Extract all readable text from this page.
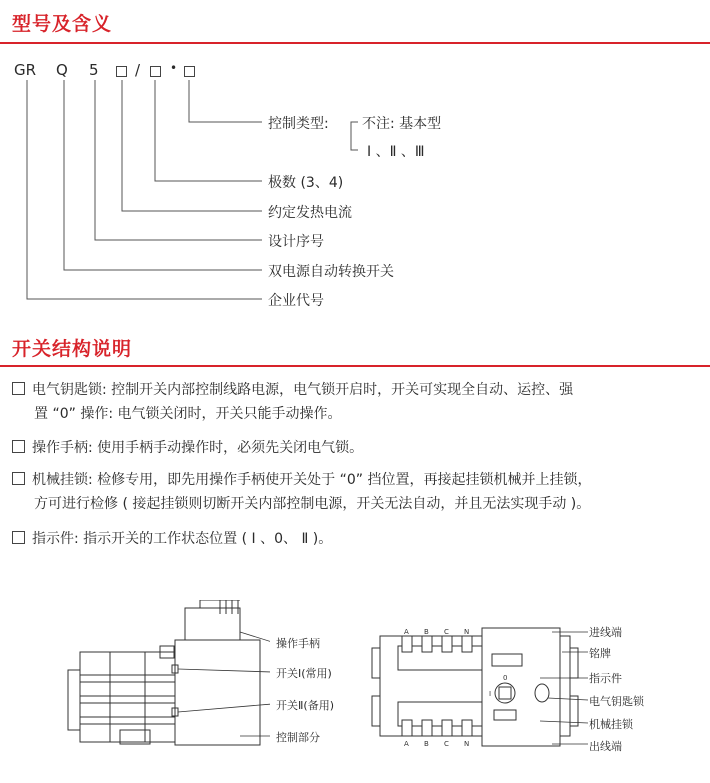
型号及含义
GR Q 5 / •
控制类型: 不注: 基本型
Ⅰ 、Ⅱ 、Ⅲ
极数 (3、4)
约定发热电流
设计序号
双电源自动转换开关
企业代号
开关结构说明
电气钥匙锁: 控制开关内部控制线路电源，电气锁开启时，开关可实现全自动、运控、强
置 “0” 操作: 电气锁关闭时，开关只能手动操作。
操作手柄: 使用手柄手动操作时，必须先关闭电气锁。
机械挂锁: 检修专用，即先用操作手柄使开关处于 “0” 挡位置，再接起挂锁机械并上挂锁，
方可进行检修 ( 接起挂锁则切断开关内部控制电源，开关无法自动，并且无法实现手动 )。
指示件: 指示开关的工作状态位置 ( Ⅰ 、0、 Ⅱ )。
操作手柄
开关Ⅰ(常用)
开关Ⅱ(备用)
控制部分
A B C N
A B C N
0
I
进线端
铭牌
指示件
电气钥匙锁
机械挂锁
出线端
